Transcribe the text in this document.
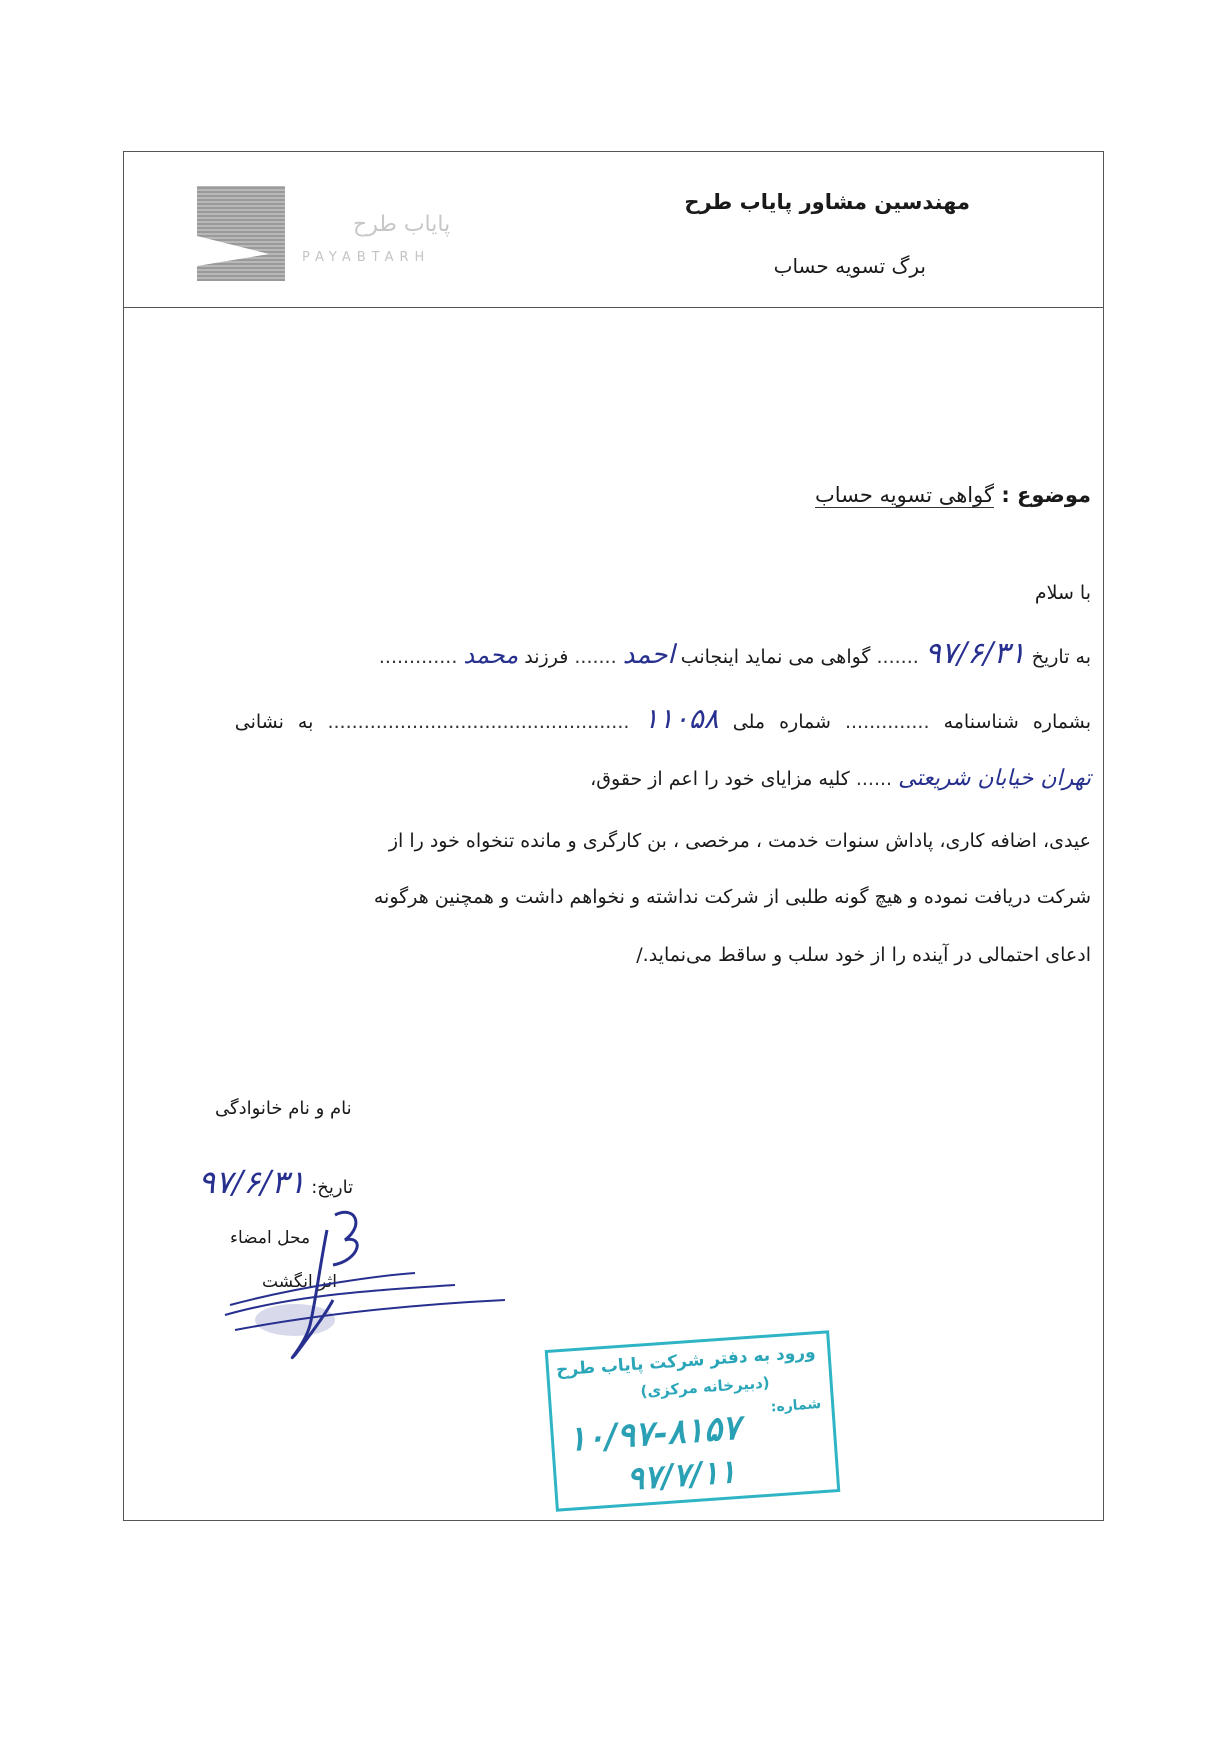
پایاب طرح
PAYABTARH
مهندسین مشاور پایاب طرح
برگ تسویه حساب
موضوع : گواهی تسویه حساب
با سلام
به تاریخ ۹۷/۶/۳۱ ....... گواهی می نماید اینجانب احمد ....... فرزند محمد .............
بشماره شناسنامه .............. شماره ملی ۱۱۰۵۸ .................................................. به نشانی
تهران خیابان شریعتی ...... کلیه مزایای خود را اعم از حقوق،
عیدی، اضافه کاری، پاداش سنوات خدمت ، مرخصی ، بن کارگری و مانده تنخواه خود را از
شرکت دریافت نموده و هیچ گونه طلبی از شرکت نداشته و نخواهم داشت و همچنین هرگونه
ادعای احتمالی در آینده را از خود سلب و ساقط می‌نماید./
نام و نام خانوادگی
تاریخ: ۹۷/۶/۳۱
محل امضاء
اثر انگشت
ورود به دفتر شرکت پایاب طرح
(دبیرخانه مرکزی)
شماره:
۱۰/۹۷-۸۱۵۷
۹۷/۷/۱۱
